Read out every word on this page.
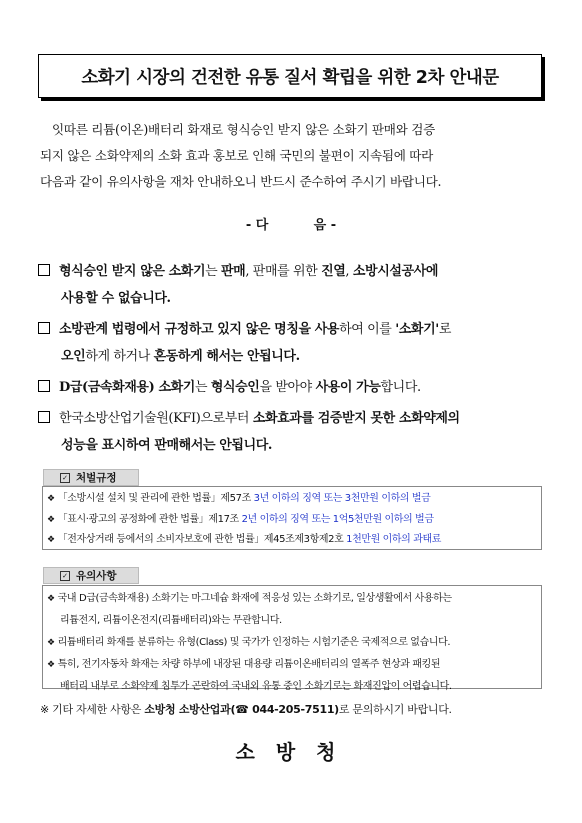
소화기 시장의 건전한 유통 질서 확립을 위한 2차 안내문

잇따른 리튬(이온)배터리 화재로 형식승인 받지 않은 소화기 판매와 검증

되지 않은 소화약제의 소화 효과 홍보로 인해 국민의 불편이 지속됨에 따라

다음과 같이 유의사항을 재차 안내하오니 반드시 준수하여 주시기 바랍니다.

- 다          음 -
형식승인 받지 않은 소화기는 판매, 판매를 위한 진열, 소방시설공사에
사용할 수 없습니다.
소방관계 법령에서 규정하고 있지 않은 명칭을 사용하여 이를 '소화기'로
오인하게 하거나 혼동하게 해서는 안됩니다.
D급(금속화재용) 소화기는 형식승인을 받아야 사용이 가능합니다.
한국소방산업기술원(KFI)으로부터 소화효과를 검증받지 못한 소화약제의
성능을 표시하여 판매해서는 안됩니다.
✓ 처벌규정
❖ 「소방시설 설치 및 관리에 관한 법률」제57조 3년 이하의 징역 또는 3천만원 이하의 벌금
❖ 「표시·광고의 공정화에 관한 법률」제17조 2년 이하의 징역 또는 1억5천만원 이하의 벌금
❖ 「전자상거래 등에서의 소비자보호에 관한 법률」제45조제3항제2호 1천만원 이하의 과태료
✓ 유의사항
❖ 국내 D급(금속화재용) 소화기는 마그네슘 화재에 적응성 있는 소화기로, 일상생활에서 사용하는
리튬전지, 리튬이온전지(리튬배터리)와는 무관합니다.
❖ 리튬배터리 화재를 분류하는 유형(Class) 및 국가가 인정하는 시험기준은 국제적으로 없습니다.
❖ 특히, 전기자동차 화재는 차량 하부에 내장된 대용량 리튬이온배터리의 열폭주 현상과 패킹된
배터리 내부로 소화약제 침투가 곤란하여 국내외 유통 중인 소화기로는 화재진압이 어렵습니다.
※ 기타 자세한 사항은 소방청 소방산업과(☎ 044-205-7511)로 문의하시기 바랍니다.
소방청
